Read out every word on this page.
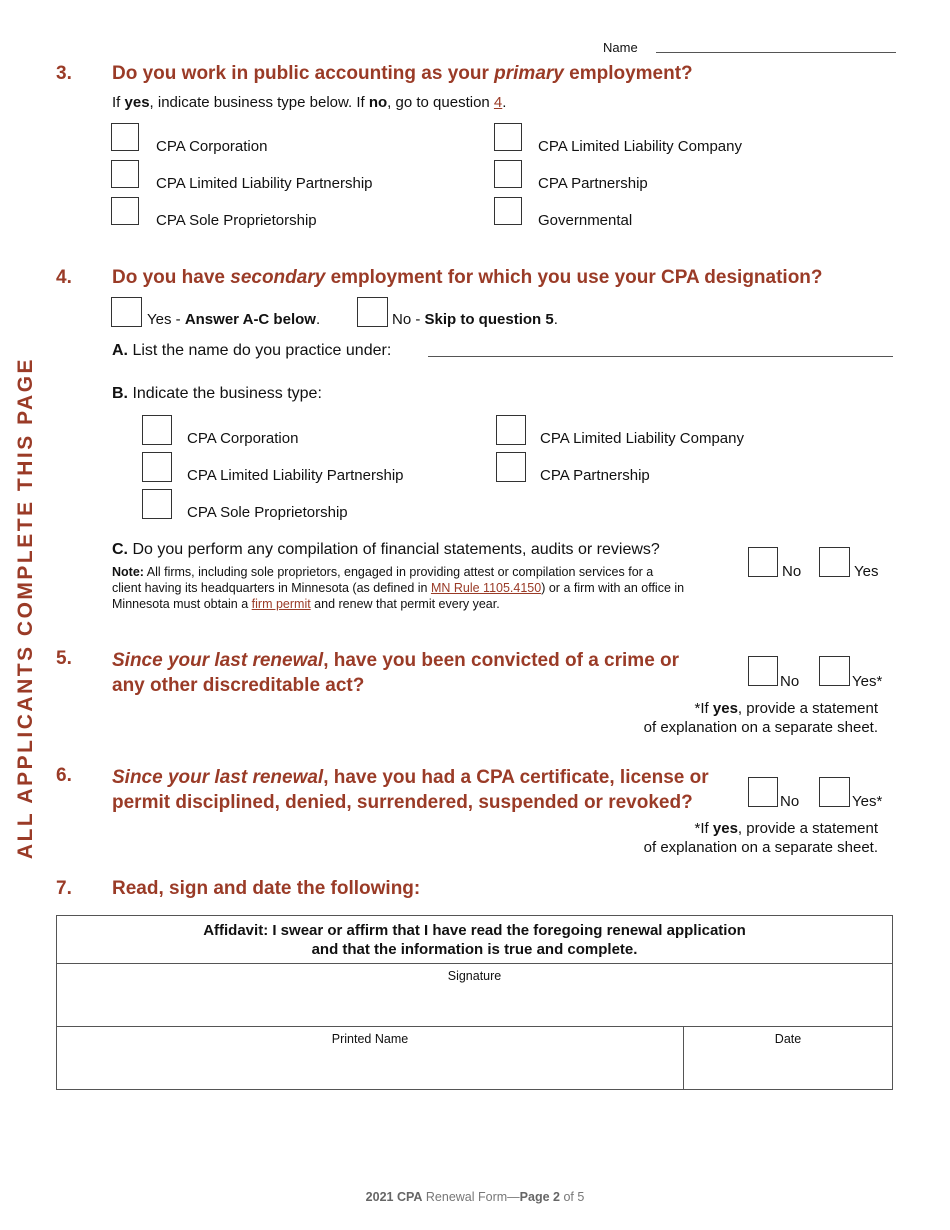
Name
ALL APPLICANTS COMPLETE THIS PAGE
3. Do you work in public accounting as your primary employment?
If yes, indicate business type below. If no, go to question 4.
CPA Corporation	CPA Limited Liability Company
CPA Limited Liability Partnership	CPA Partnership
CPA Sole Proprietorship	Governmental
4. Do you have secondary employment for which you use your CPA designation?
Yes - Answer A-C below.	No - Skip to question 5.
A. List the name do you practice under:
B. Indicate the business type:
CPA Corporation	CPA Limited Liability Company
CPA Limited Liability Partnership	CPA Partnership
CPA Sole Proprietorship
C. Do you perform any compilation of financial statements, audits or reviews?
Note: All firms, including sole proprietors, engaged in providing attest or compilation services for a
client having its headquarters in Minnesota (as defined in MN Rule 1105.4150) or a firm with an office in
Minnesota must obtain a firm permit and renew that permit every year.
No	Yes
5. Since your last renewal, have you been convicted of a crime or
any other discreditable act?	No	Yes*
*If yes, provide a statement
of explanation on a separate sheet.
6. Since your last renewal, have you had a CPA certificate, license or
permit disciplined, denied, surrendered, suspended or revoked?	No	Yes*
*If yes, provide a statement
of explanation on a separate sheet.
7. Read, sign and date the following:
Affidavit: I swear or affirm that I have read the foregoing renewal application
and that the information is true and complete.
Signature
Printed Name	Date
2021 CPA Renewal Form—Page 2 of 5
